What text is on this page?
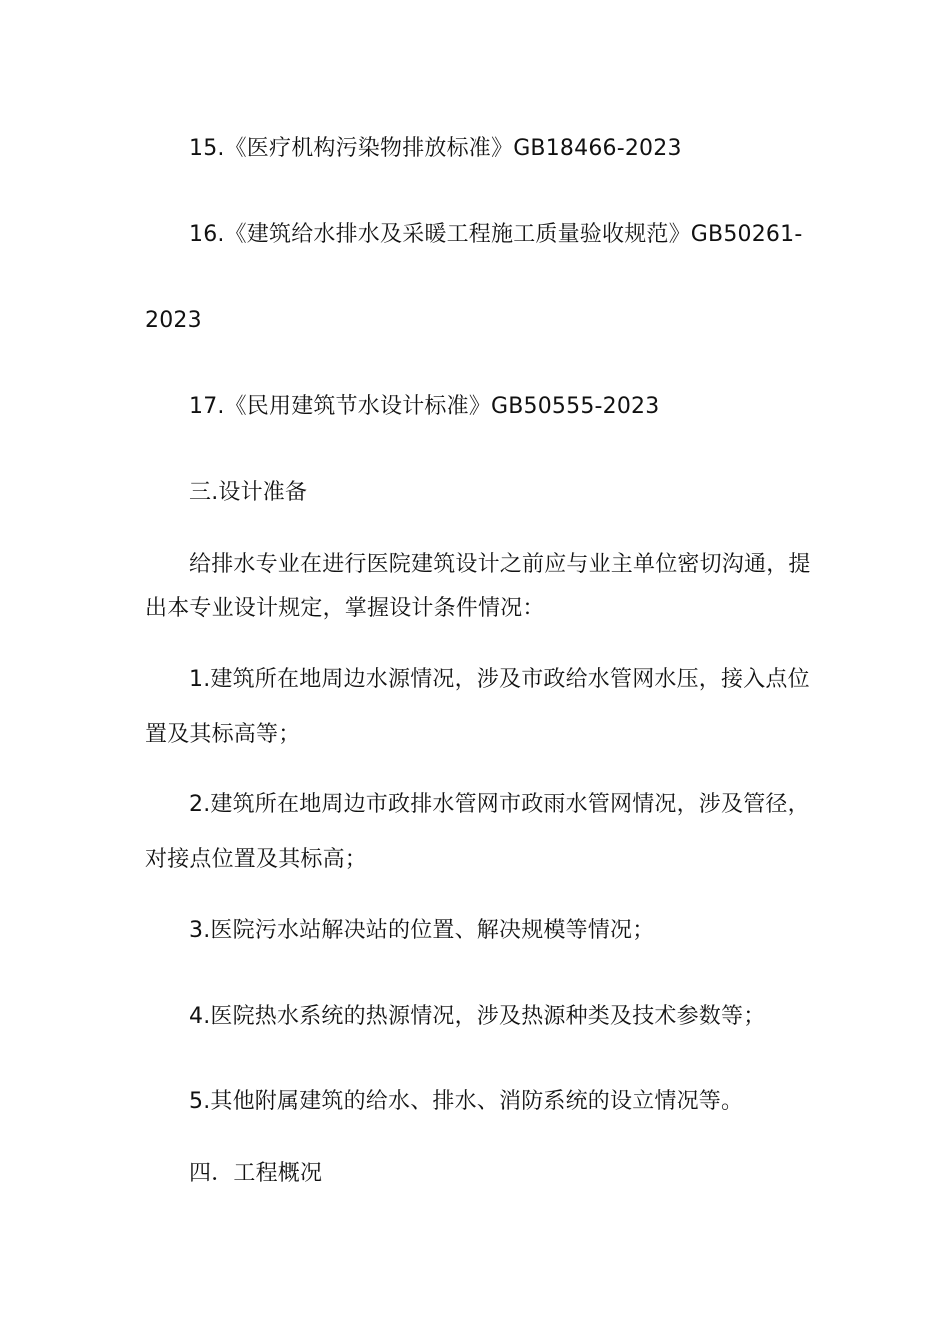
15.《医疗机构污染物排放标准》GB18466-2023
16.《建筑给水排水及采暖工程施工质量验收规范》GB50261-
2023
17.《民用建筑节水设计标准》GB50555-2023
三.设计准备
给排水专业在进行医院建筑设计之前应与业主单位密切沟通，提
出本专业设计规定，掌握设计条件情况：
1.建筑所在地周边水源情况，涉及市政给水管网水压，接入点位
置及其标高等；
2.建筑所在地周边市政排水管网市政雨水管网情况，涉及管径，
对接点位置及其标高；
3.医院污水站解决站的位置、解决规模等情况；
4.医院热水系统的热源情况，涉及热源种类及技术参数等；
5.其他附属建筑的给水、排水、消防系统的设立情况等。
四．工程概况
